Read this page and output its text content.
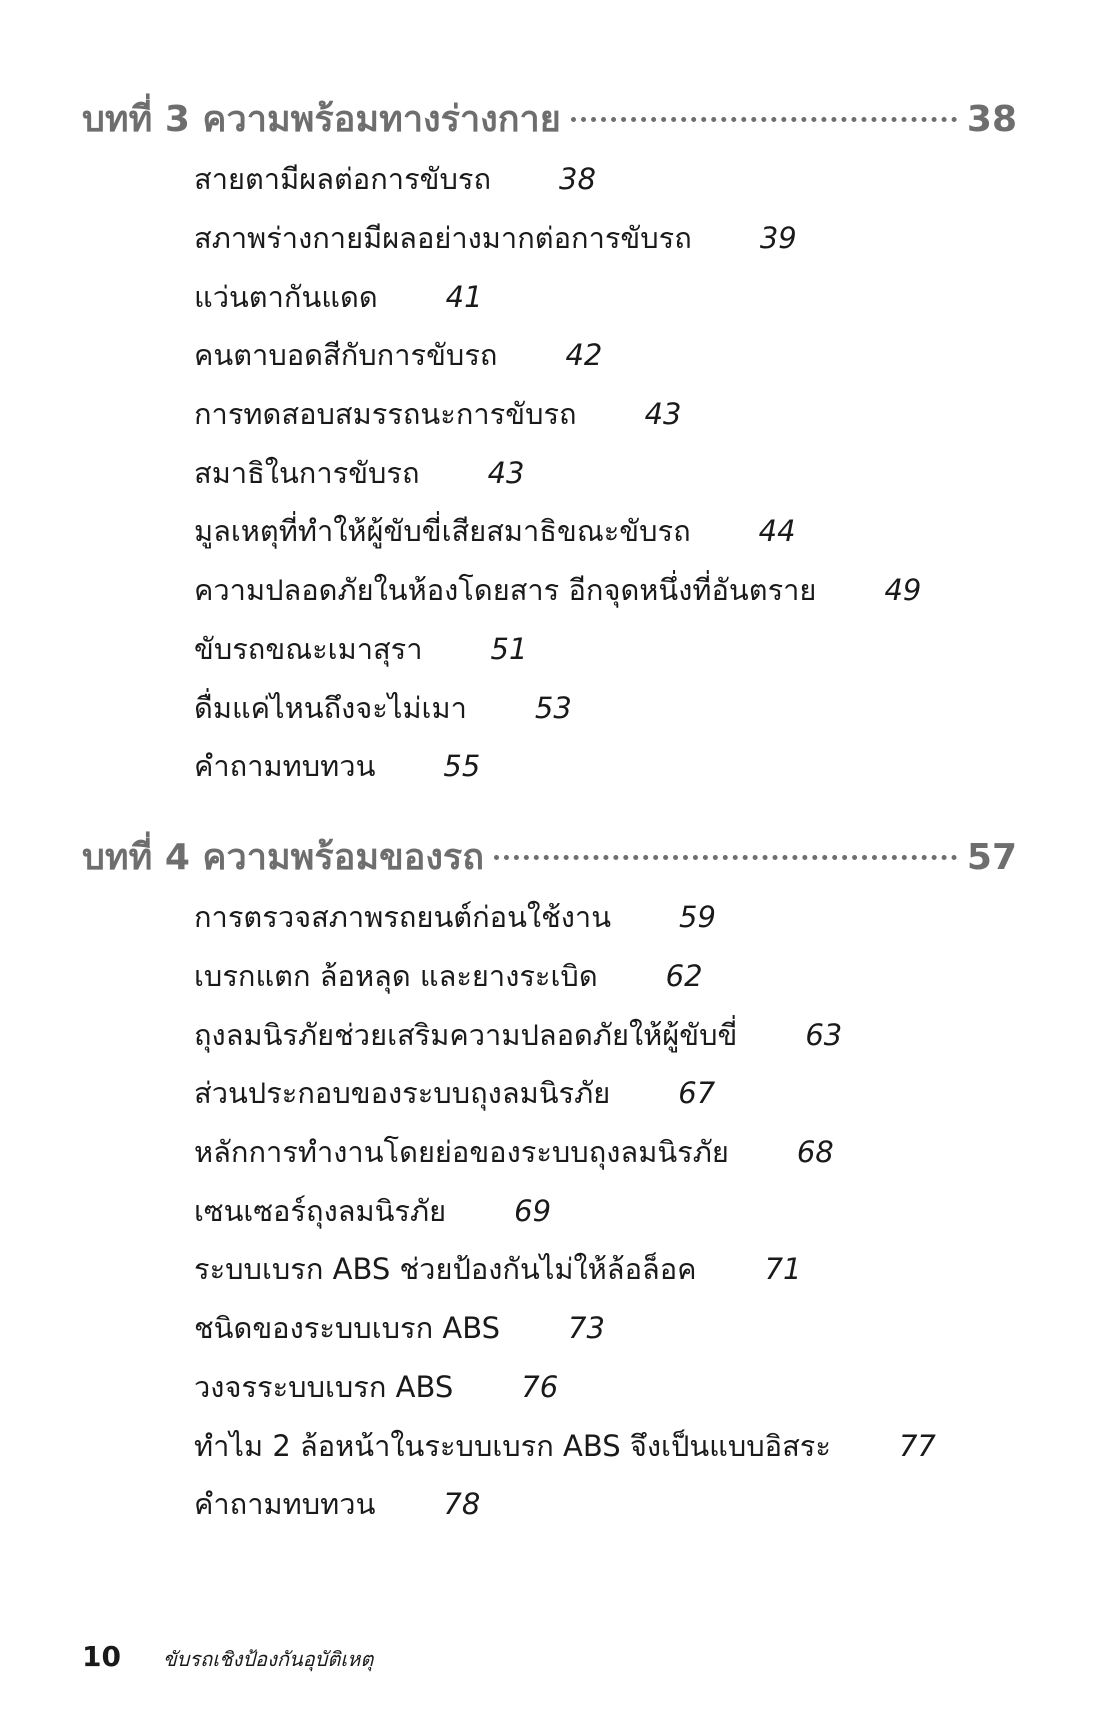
บทที่ 3 ความพร้อมทางร่างกาย	38
สายตามีผลต่อการขับรถ 38
สภาพร่างกายมีผลอย่างมากต่อการขับรถ 39
แว่นตากันแดด 41
คนตาบอดสีกับการขับรถ 42
การทดสอบสมรรถนะการขับรถ 43
สมาธิในการขับรถ 43
มูลเหตุที่ทำให้ผู้ขับขี่เสียสมาธิขณะขับรถ 44
ความปลอดภัยในห้องโดยสาร อีกจุดหนึ่งที่อันตราย 49
ขับรถขณะเมาสุรา 51
ดื่มแค่ไหนถึงจะไม่เมา 53
คำถามทบทวน 55
บทที่ 4 ความพร้อมของรถ	57
การตรวจสภาพรถยนต์ก่อนใช้งาน 59
เบรกแตก ล้อหลุด และยางระเบิด 62
ถุงลมนิรภัยช่วยเสริมความปลอดภัยให้ผู้ขับขี่ 63
ส่วนประกอบของระบบถุงลมนิรภัย 67
หลักการทำงานโดยย่อของระบบถุงลมนิรภัย 68
เซนเซอร์ถุงลมนิรภัย 69
ระบบเบรก ABS ช่วยป้องกันไม่ให้ล้อล็อค 71
ชนิดของระบบเบรก ABS 73
วงจรระบบเบรก ABS 76
ทำไม 2 ล้อหน้าในระบบเบรก ABS จึงเป็นแบบอิสระ 77
คำถามทบทวน 78
10 ขับรถเชิงป้องกันอุบัติเหตุ
